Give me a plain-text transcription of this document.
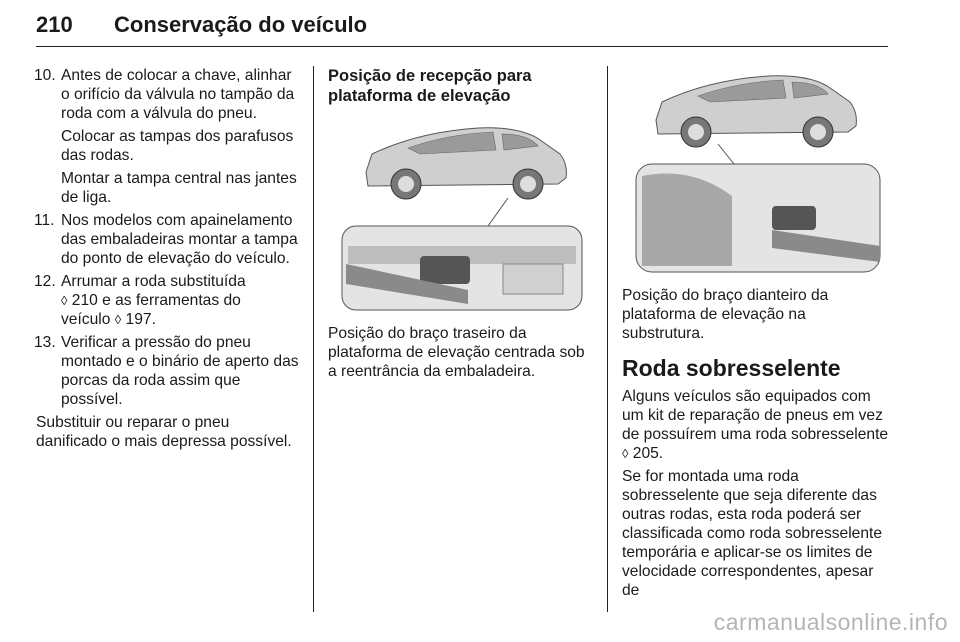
210 Conservação do veículo
10. Antes de colocar a chave, alinhar o orifício da válvula no tampão da roda com a válvula do pneu.
Colocar as tampas dos parafusos das rodas.
Montar a tampa central nas jantes de liga.
11. Nos modelos com apainelamento das embaladeiras montar a tampa do ponto de elevação do veículo.
12. Arrumar a roda substituída
◊ 210 e as ferramentas do
veículo ◊ 197.
13. Verificar a pressão do pneu montado e o binário de aperto das porcas da roda assim que possível.

Substituir ou reparar o pneu danificado o mais depressa possível.

Posição de recepção para plataforma de elevação

Posição do braço traseiro da plataforma de elevação centrada sob a reentrância da embaladeira.

Posição do braço dianteiro da plataforma de elevação na substrutura.

Roda sobresselente

Alguns veículos são equipados com um kit de reparação de pneus em vez de possuírem uma roda sobresselente ◊ 205.

Se for montada uma roda sobresselente que seja diferente das outras rodas, esta roda poderá ser classificada como roda sobresselente temporária e aplicar-se os limites de velocidade correspondentes, apesar de

carmanualsonline.info
